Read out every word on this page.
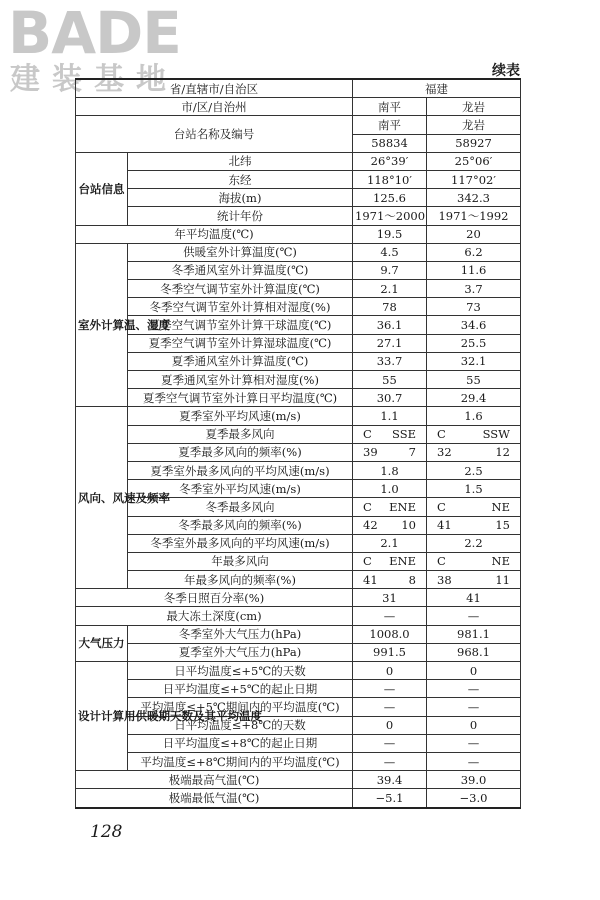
BADE
建装基地	续表
省/直辖市/自治区		福建	
市/区/自治州		南平	龙岩
台站名称及编号		南平	龙岩
		58834	58927
台站信息	北纬	26°39′	25°06′
	东经	118°10′	117°02′
	海拔(m)	125.6	342.3
	统计年份	1971～2000	1971～1992
年平均温度(℃)		19.5	20
室外计算温、湿度	供暖室外计算温度(℃)	4.5	6.2
	冬季通风室外计算温度(℃)	9.7	11.6
	冬季空气调节室外计算温度(℃)	2.1	3.7
	冬季空气调节室外计算相对湿度(%)	78	73
	夏季空气调节室外计算干球温度(℃)	36.1	34.6
	夏季空气调节室外计算湿球温度(℃)	27.1	25.5
	夏季通风室外计算温度(℃)	33.7	32.1
	夏季通风室外计算相对湿度(%)	55	55
	夏季空气调节室外计算日平均温度(℃)	30.7	29.4
风向、风速及频率	夏季室外平均风速(m/s)	1.1	1.6
	夏季最多风向	C SSE	C SSW

	夏季最多风向的频率(%)	39 7	32 12

	夏季室外最多风向的平均风速(m/s)	1.8	2.5
	冬季室外平均风速(m/s)	1.0	1.5
	冬季最多风向	C ENE	C NE

	冬季最多风向的频率(%)	42 10	41 15

	冬季室外最多风向的平均风速(m/s)	2.1	2.2
	年最多风向	C ENE	C NE

	年最多风向的频率(%)	41 8	38 11

冬季日照百分率(%)		31	41
最大冻土深度(cm)		—	—
大气压力	冬季室外大气压力(hPa)	1008.0	981.1
	夏季室外大气压力(hPa)	991.5	968.1
设计计算用供暖期天数及其平均温度	日平均温度≤+5℃的天数	0	0
	日平均温度≤+5℃的起止日期	—	—
	平均温度≤+5℃期间内的平均温度(℃)	—	—
	日平均温度≤+8℃的天数	0	0
	日平均温度≤+8℃的起止日期	—	—
	平均温度≤+8℃期间内的平均温度(℃)	—	—
极端最高气温(℃)		39.4	39.0
极端最低气温(℃)		−5.1	−3.0
128
